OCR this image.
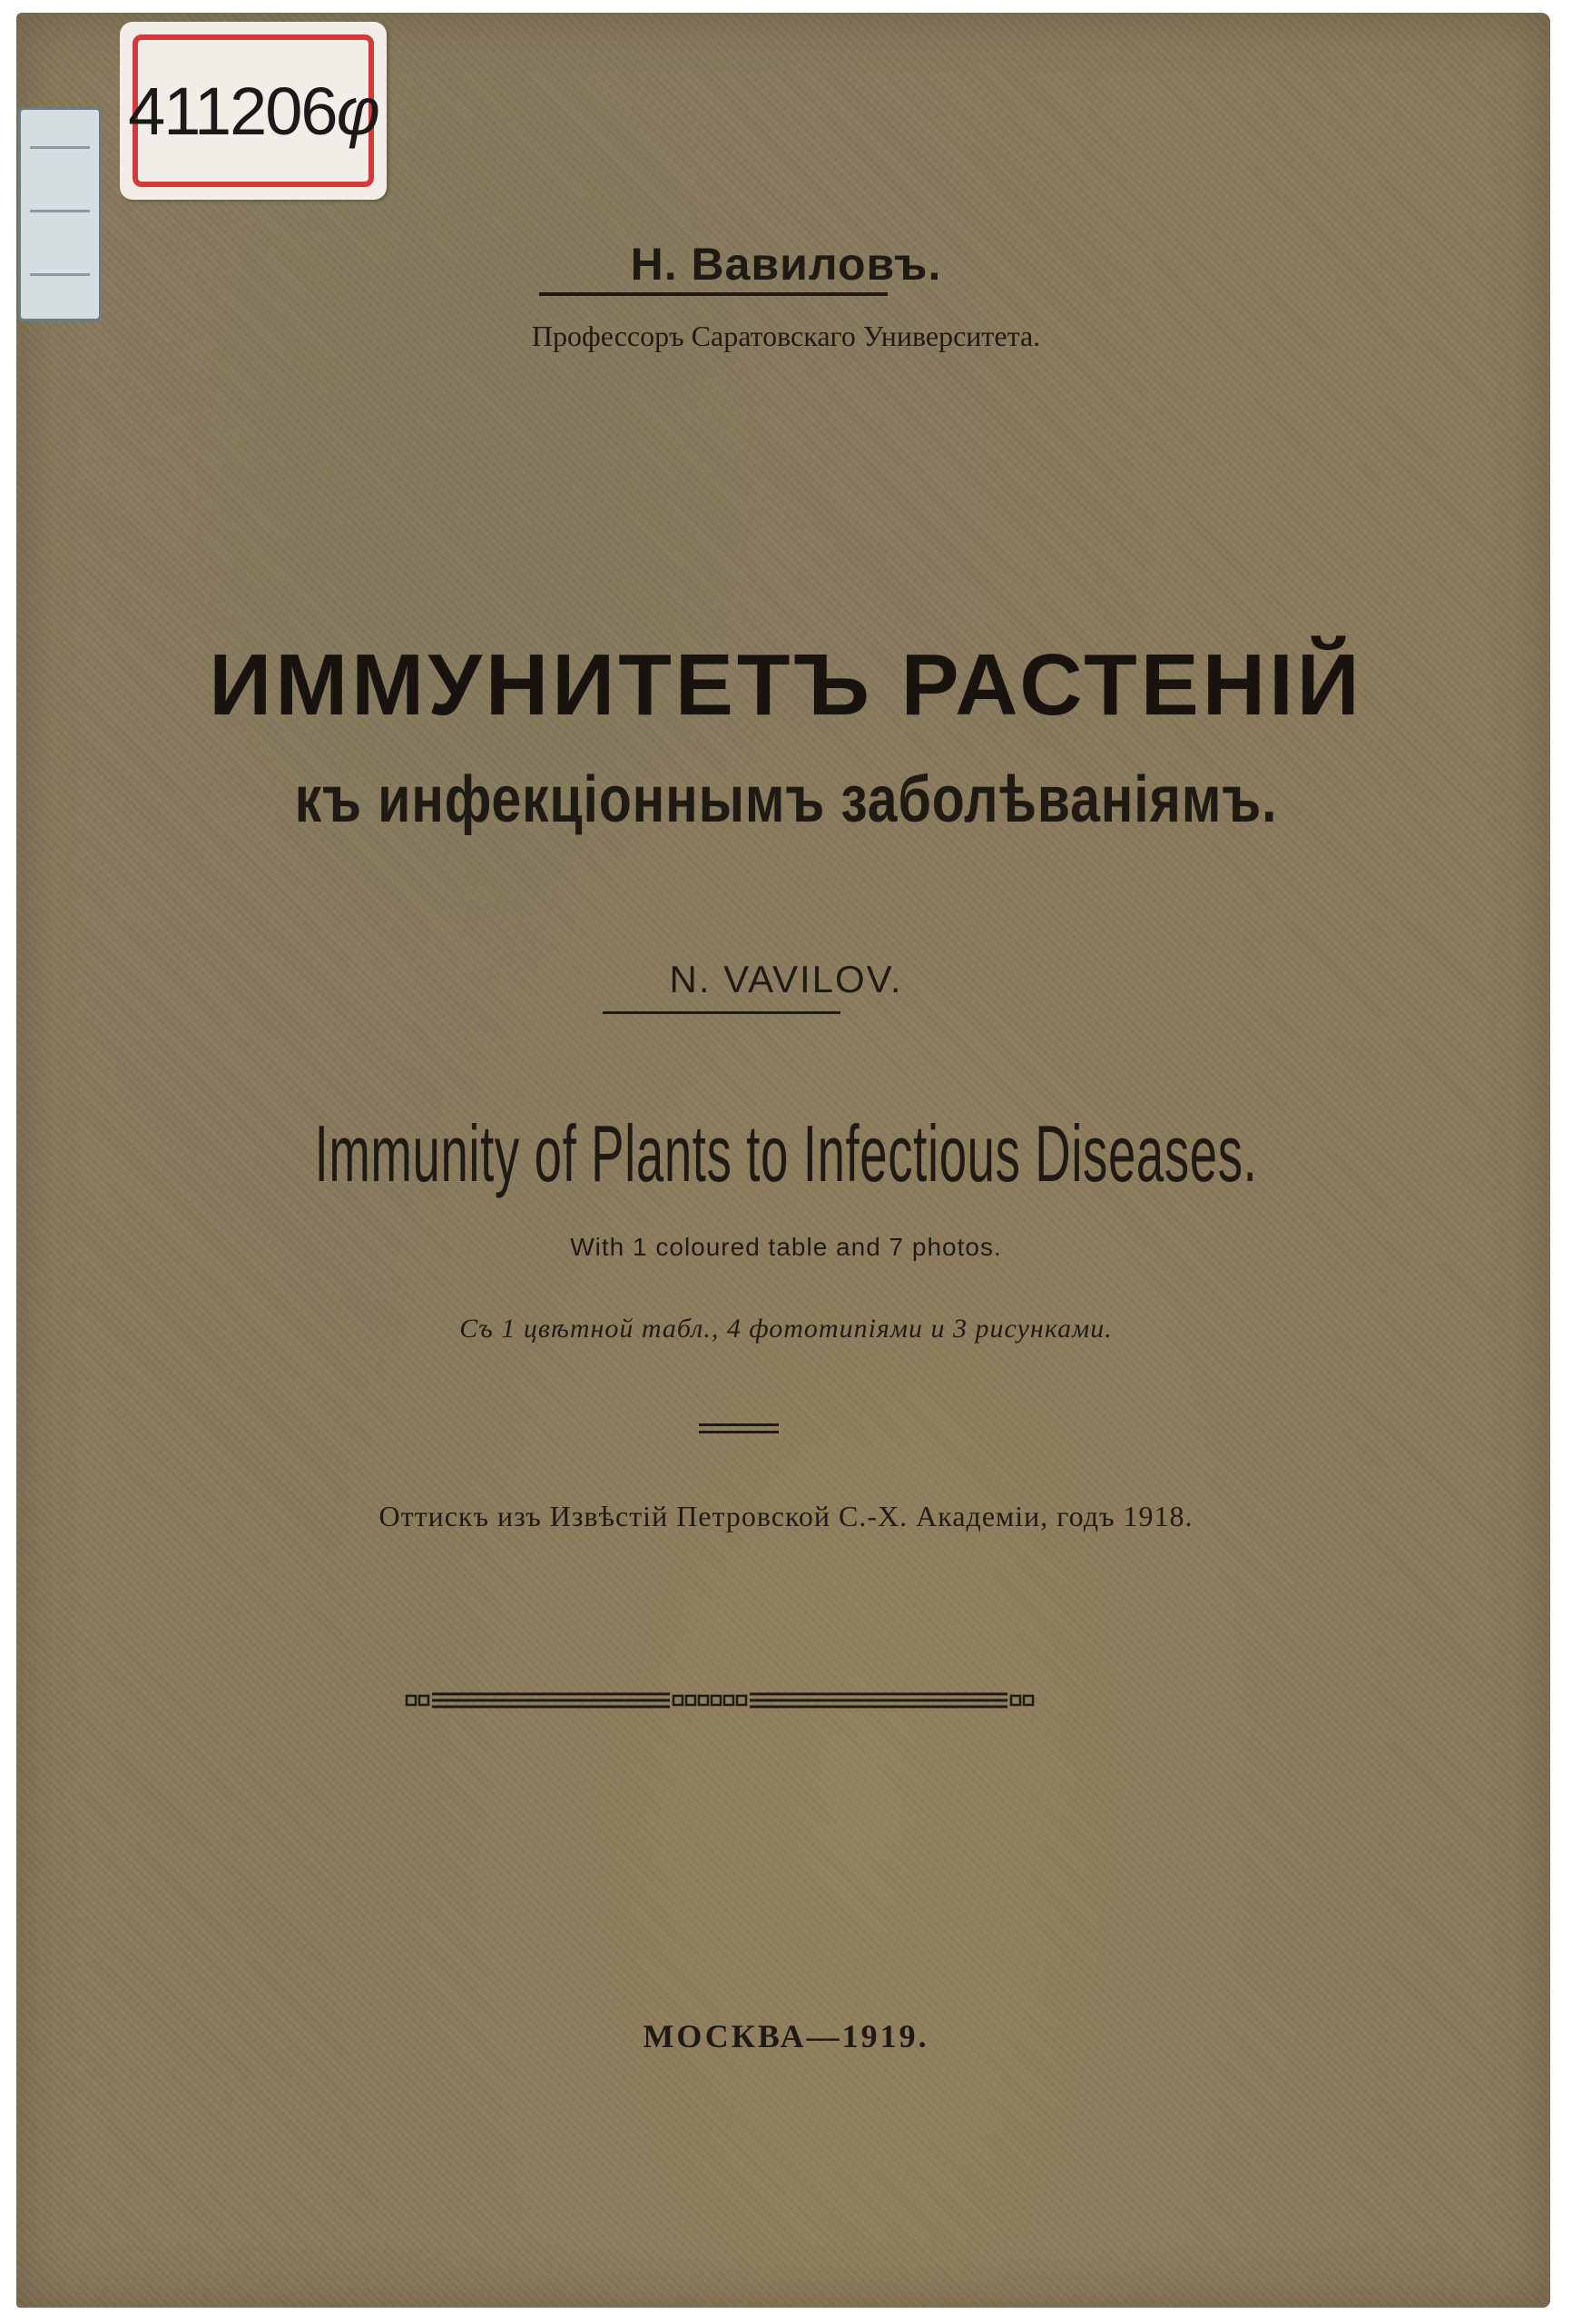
411206 φ
Н. Вавиловъ.
Профессоръ Саратовскаго Университета.
ИММУНИТЕТЪ РАСТЕНІЙ
къ инфекціоннымъ заболѣваніямъ.
N. VAVILOV.
Immunity of Plants to Infectious Diseases.
With 1 coloured table and 7 photos.
Съ 1 цвѣтной табл., 4 фототипіями и 3 рисунками.
Оттискъ изъ Извѣстій Петровской С.-Х. Академіи, годъ 1918.
МОСКВА—1919.
